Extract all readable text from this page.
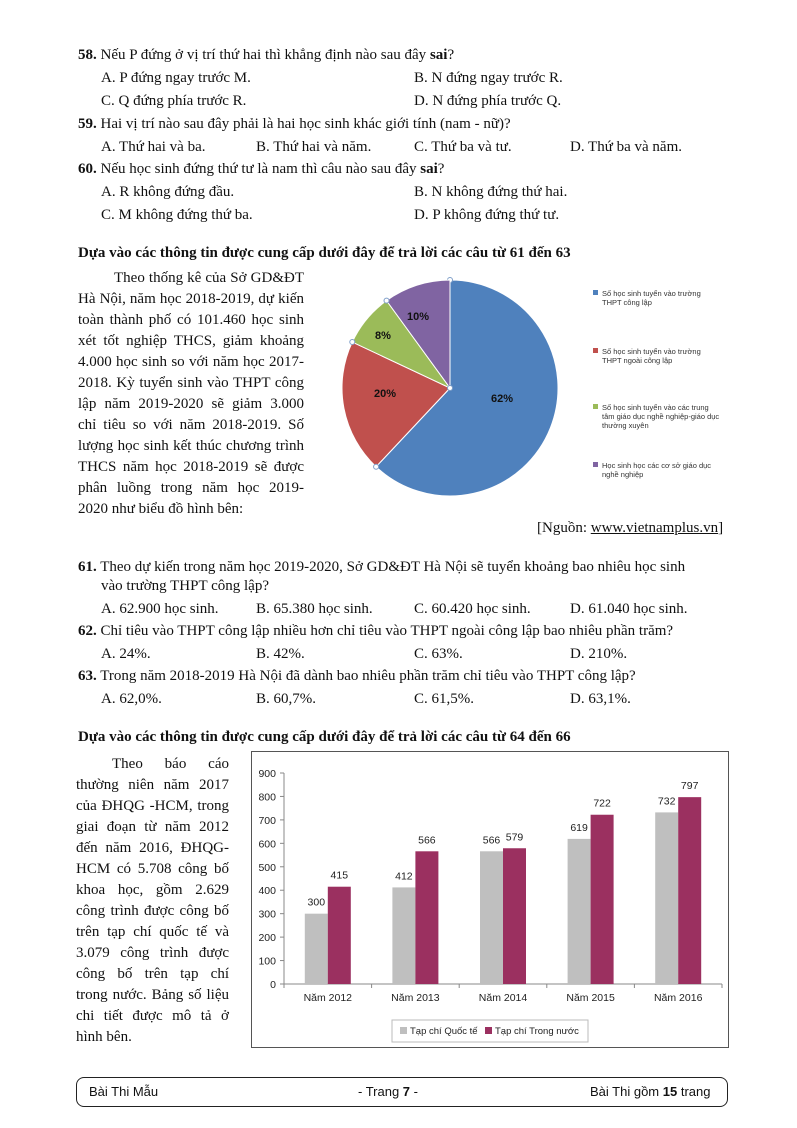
58. Nếu P đứng ở vị trí thứ hai thì khẳng định nào sau đây sai?
A. P đứng ngay trước M.	B. N đứng ngay trước R.
C. Q đứng phía trước R.	D. N đứng phía trước Q.
59. Hai vị trí nào sau đây phải là hai học sinh khác giới tính (nam - nữ)?
A. Thứ hai và ba.	B. Thứ hai và năm.	C. Thứ ba và tư.	D. Thứ ba và năm.
60. Nếu học sinh đứng thứ tư là nam thì câu nào sau đây sai?
A. R không đứng đầu.	B. N không đứng thứ hai.
C. M không đứng thứ ba.	D. P không đứng thứ tư.
Dựa vào các thông tin được cung cấp dưới đây để trả lời các câu từ 61 đến 63

Theo thống kê của Sở GD&ĐT Hà Nội, năm học 2018-2019, dự kiến toàn thành phố có 101.460 học sinh xét tốt nghiệp THCS, giảm khoảng 4.000 học sinh so với năm học 2017-2018. Kỳ tuyển sinh vào THPT công lập năm 2019-2020 sẽ giảm 3.000 chỉ tiêu so với năm 2018-2019. Số lượng học sinh kết thúc chương trình THCS năm học 2018-2019 sẽ được phân luồng trong năm học 2019-2020 như biểu đồ hình bên:

62%
20%
8%
10%
Số học sinh tuyển vào trường
THPT công lập
Số học sinh tuyển vào trường
THPT ngoài công lập
Số học sinh tuyển vào các trung
tâm giáo dục nghề nghiệp-giáo dục
thường xuyên
Học sinh học các cơ sở giáo dục
nghề nghiệp
[Nguồn: www.vietnamplus.vn]
61. Theo dự kiến trong năm học 2019-2020, Sở GD&ĐT Hà Nội sẽ tuyển khoảng bao nhiêu học sinh
vào trường THPT công lập?
A. 62.900 học sinh.	B. 65.380 học sinh.	C. 60.420 học sinh.	D. 61.040 học sinh.
62. Chỉ tiêu vào THPT công lập nhiều hơn chỉ tiêu vào THPT ngoài công lập bao nhiêu phần trăm?
A. 24%.	B. 42%.	C. 63%.	D. 210%.
63. Trong năm 2018-2019 Hà Nội đã dành bao nhiêu phần trăm chỉ tiêu vào THPT công lập?
A. 62,0%.	B. 60,7%.	C. 61,5%.	D. 63,1%.
Dựa vào các thông tin được cung cấp dưới đây để trả lời các câu từ 64 đến 66

Theo báo cáo thường niên năm 2017 của ĐHQG -HCM, trong giai đoạn từ năm 2012 đến năm 2016, ĐHQG-HCM có 5.708 công bố khoa học, gồm 2.629 công trình được công bố trên tạp chí quốc tế và 3.079 công trình được công bố trên tạp chí trong nước. Bảng số liệu chi tiết được mô tả ở hình bên.

0
100
200
300
400
500
600
700
800
900
Năm 2012	Năm 2013	Năm 2014	Năm 2015	Năm 2016
300
415	412
566	566 579
619
722	732
797
Tạp chí Quốc tế Tạp chí Trong nước
Bài Thi Mẫu	- Trang 7 -	Bài Thi gồm 15 trang
